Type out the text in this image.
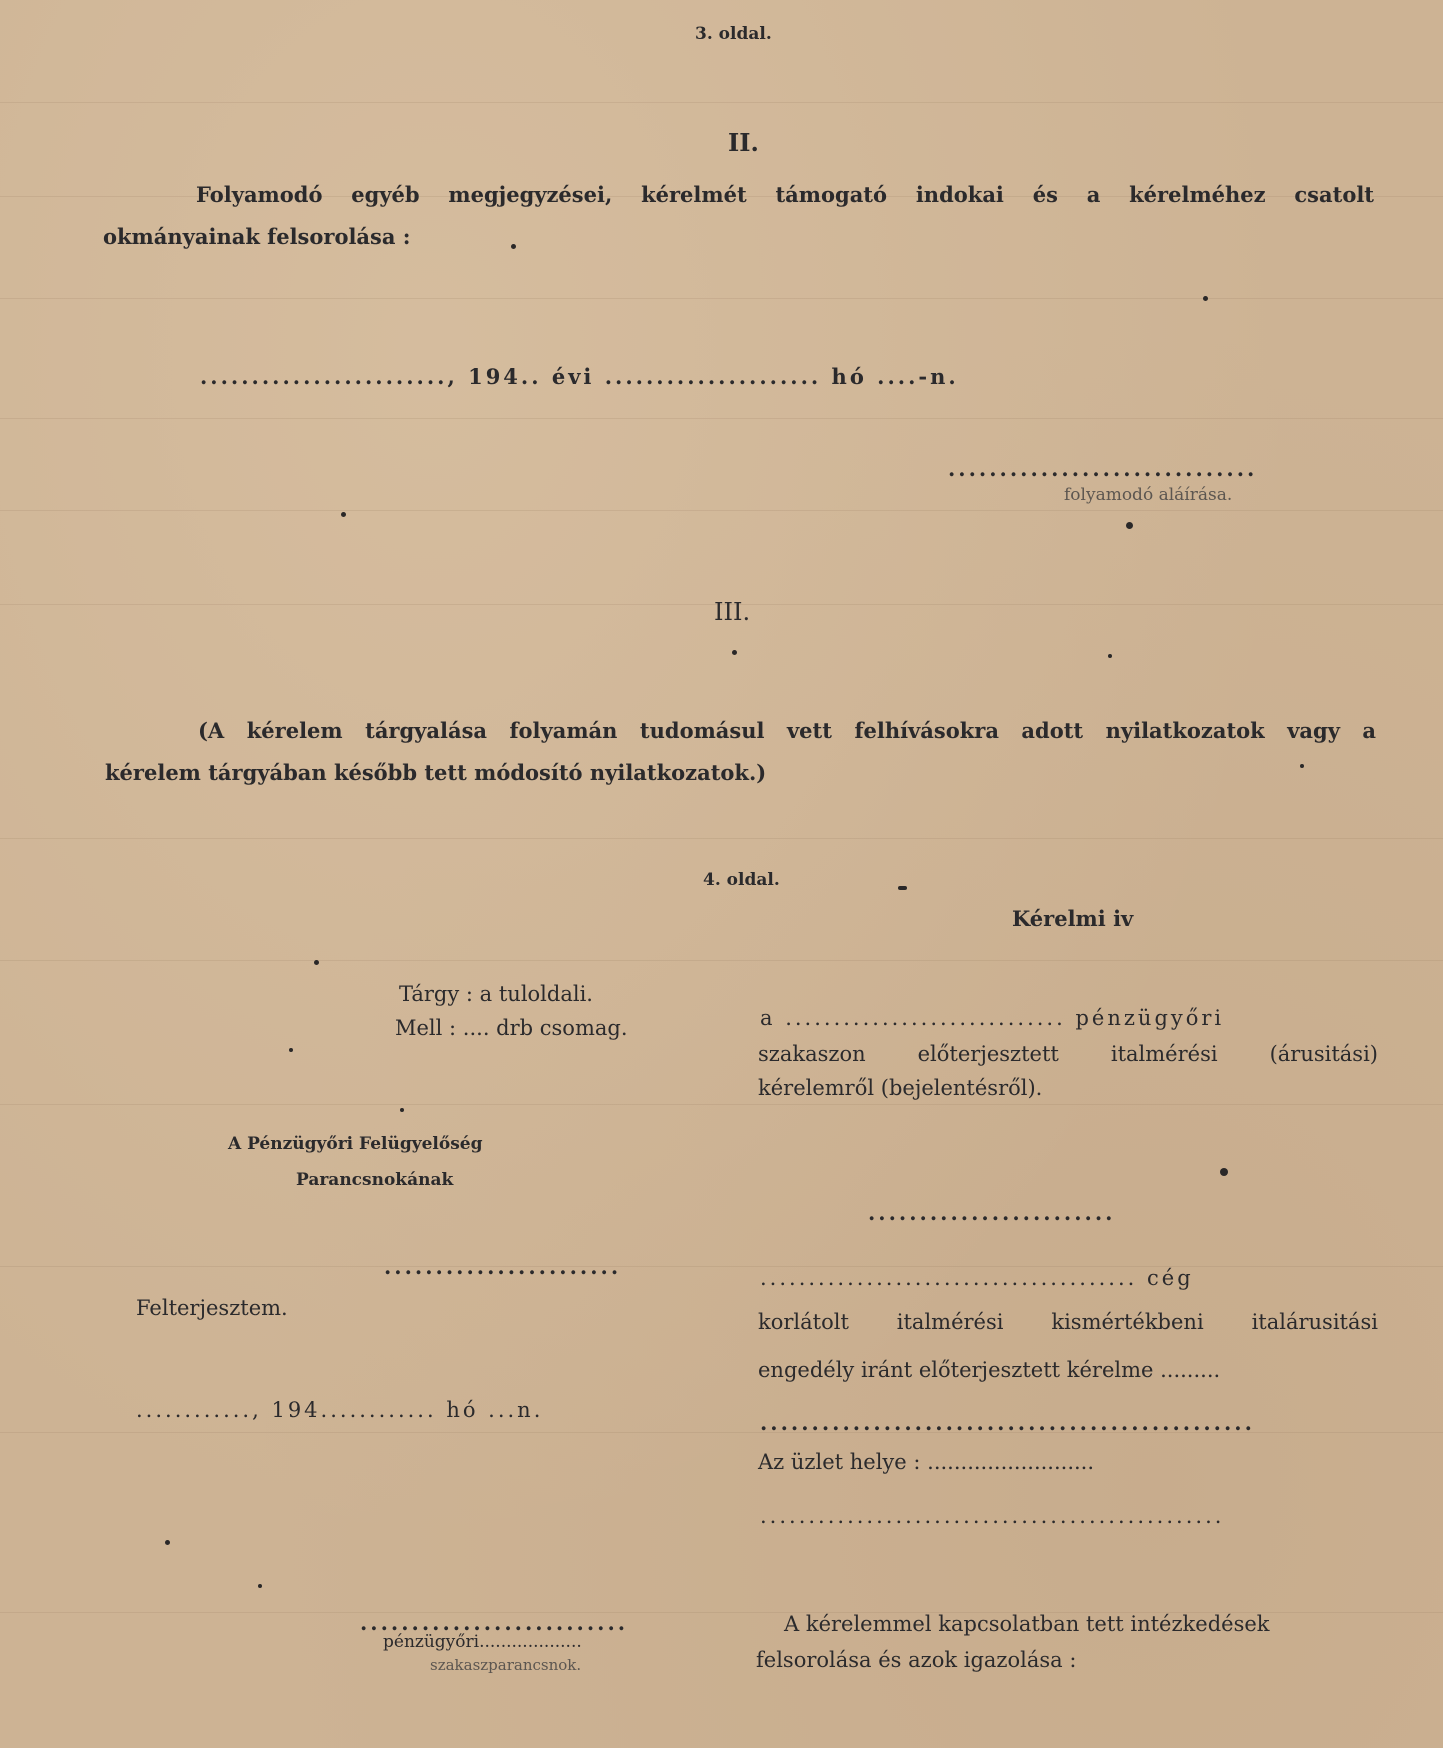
3. oldal.
II.
Folyamodó egyéb megjegyzései, kérelmét támogató indokai és a kérelméhez csatolt
okmányainak felsorolása :
........................, 194.. évi ..................... hó ....-n.
..............................
folyamodó aláírása.
III.
(A kérelem tárgyalása folyamán tudomásul vett felhívásokra adott nyilatkozatok vagy a
kérelem tárgyában később tett módosító nyilatkozatok.)
4. oldal.
Kérelmi iv
Tárgy : a tuloldali.
Mell : .... drb csomag.	a ............................. pénzügyőri
szakaszon előterjesztett italmérési (árusitási)
kérelemről (bejelentésről).
A Pénzügyőri Felügyelőség
Parancsnokának
........................
.......................	....................................... cég
Felterjesztem.
korlátolt italmérési kismértékbeni italárusitási
engedély iránt előterjesztett kérelme .........
............, 194............ hó ...n.	................................................
Az üzlet helye : .........................
................................................
..........................	A kérelemmel kapcsolatban tett intézkedések
pénzügyőri...................
felsorolása és azok igazolása :
szakaszparancsnok.
